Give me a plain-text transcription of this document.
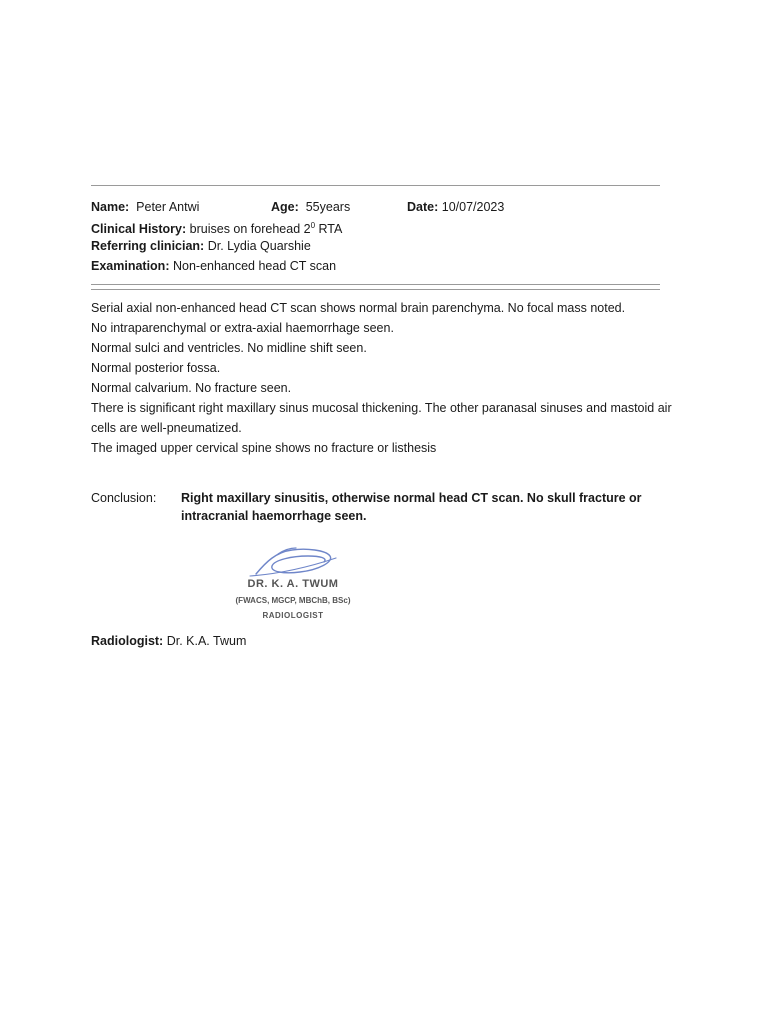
Name: Peter Antwi	Age: 55years	Date: 10/07/2023
Clinical History: bruises on forehead $2^0$ RTA
Referring clinician: Dr. Lydia Quarshie
Examination: Non-enhanced head CT scan

Serial axial non-enhanced head CT scan shows normal brain parenchyma. No focal mass noted.

No intraparenchymal or extra-axial haemorrhage seen.

Normal sulci and ventricles. No midline shift seen.

Normal posterior fossa.

Normal calvarium. No fracture seen.

There is significant right maxillary sinus mucosal thickening. The other paranasal sinuses and mastoid air cells are well-pneumatized.

The imaged upper cervical spine shows no fracture or listhesis

Conclusion: Right maxillary sinusitis, otherwise normal head CT scan. No skull fracture or intracranial haemorrhage seen.
DR. K. A. TWUM
(FWACS, MGCP, MBChB, BSc)
RADIOLOGIST
Radiologist: Dr. K.A. Twum
